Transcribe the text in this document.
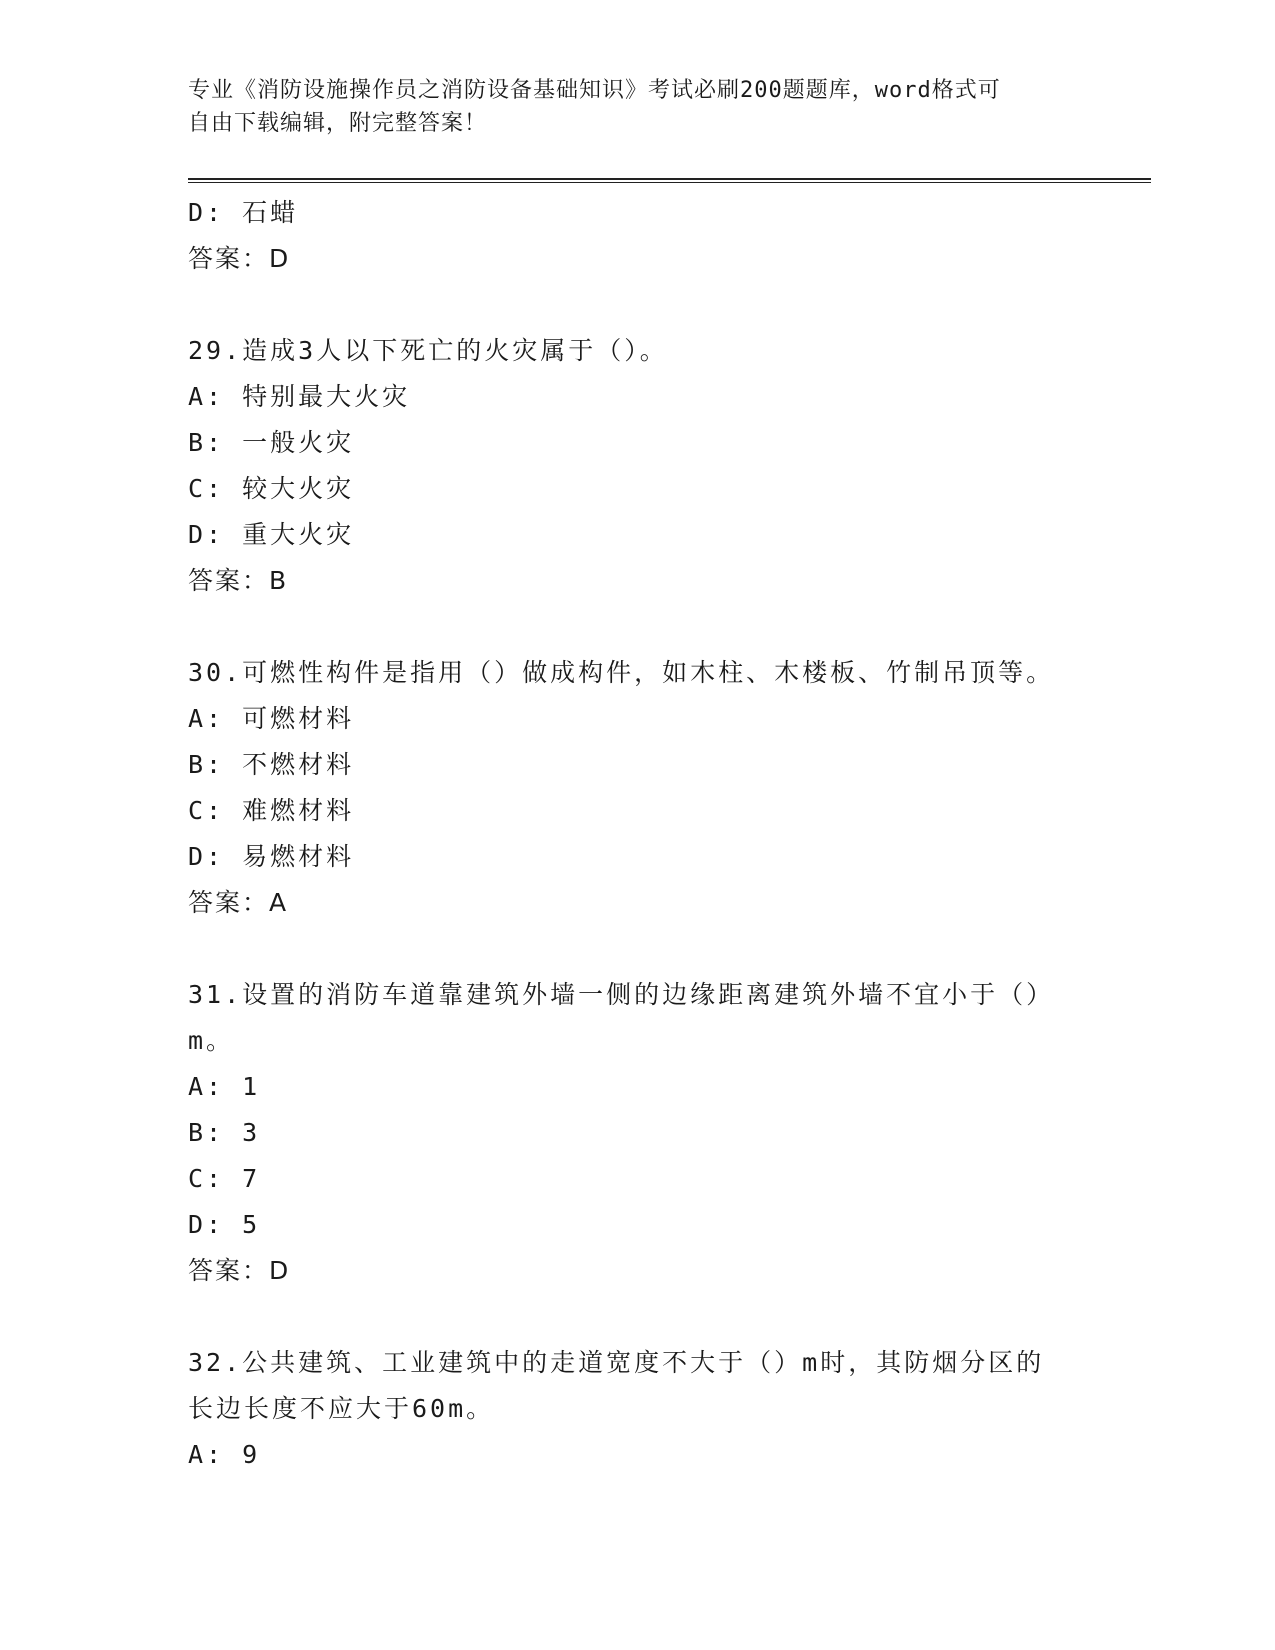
专业《消防设施操作员之消防设备基础知识》考试必刷200题题库，word格式可
自由下载编辑，附完整答案！
D: 石蜡
答案：D
29.造成3人以下死亡的火灾属于（）。
A: 特别最大火灾
B: 一般火灾
C: 较大火灾
D: 重大火灾
答案：B
30.可燃性构件是指用（）做成构件，如木柱、木楼板、竹制吊顶等。
A: 可燃材料
B: 不燃材料
C: 难燃材料
D: 易燃材料
答案：A
31.设置的消防车道靠建筑外墙一侧的边缘距离建筑外墙不宜小于（）
m。
A: 1
B: 3
C: 7
D: 5
答案：D
32.公共建筑、工业建筑中的走道宽度不大于（）m时，其防烟分区的
长边长度不应大于60m。
A: 9
